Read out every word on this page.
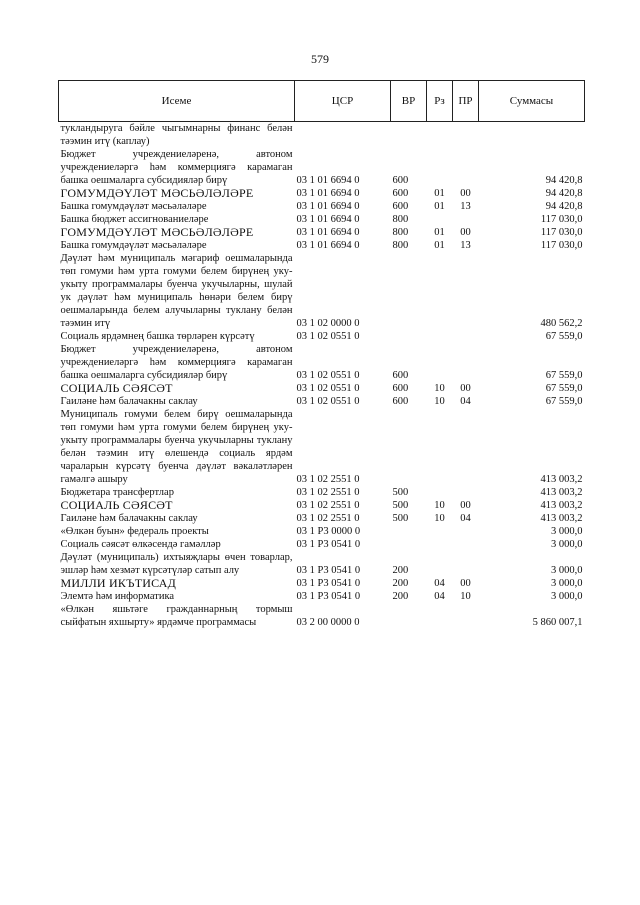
579
Исеме	ЦСР	ВР	Рз	ПР	Суммасы
тукландыруга бәйле чыгымнарны финанс белән тәэмин итү (каплау)					
Бюджет учреждениеләренә, автоном учреждениеләргә һәм коммерциягә карамаган башка оешмаларга субсидияләр бирү	03 1 01 6694 0	600			94 420,8
ГОМУМДӘҮЛӘТ МӘСЬӘЛӘЛӘРЕ	03 1 01 6694 0	600	01	00	94 420,8
Башка гомумдәүләт мәсьәләләре	03 1 01 6694 0	600	01	13	94 420,8
Башка бюджет ассигнованиеләре	03 1 01 6694 0	800			117 030,0
ГОМУМДӘҮЛӘТ МӘСЬӘЛӘЛӘРЕ	03 1 01 6694 0	800	01	00	117 030,0
Башка гомумдәүләт мәсьәләләре	03 1 01 6694 0	800	01	13	117 030,0
Дәүләт һәм муниципаль мәгариф оешмаларында төп гомуми һәм урта гомуми белем бирүнең уку-укыту программалары буенча укучыларны, шулай ук дәүләт һәм муниципаль һөнәри белем бирү оешмаларында белем алучыларны туклану белән тәэмин итү	03 1 02 0000 0				480 562,2
Социаль ярдәмнең башка төрләрен күрсәтү	03 1 02 0551 0				67 559,0
Бюджет учреждениеләренә, автоном учреждениеләргә һәм коммерциягә карамаган башка оешмаларга субсидияләр бирү	03 1 02 0551 0	600			67 559,0
СОЦИАЛЬ СӘЯСӘТ	03 1 02 0551 0	600	10	00	67 559,0
Гаиләне һәм балачакны саклау	03 1 02 0551 0	600	10	04	67 559,0
Муниципаль гомуми белем бирү оешмаларында төп гомуми һәм урта гомуми белем бирүнең уку-укыту программалары буенча укучыларны туклану белән тәэмин итү өлешендә социаль ярдәм чараларын күрсәтү буенча дәүләт вәкаләтләрен гамәлгә ашыру	03 1 02 2551 0				413 003,2
Бюджетара трансфертлар	03 1 02 2551 0	500			413 003,2
СОЦИАЛЬ СӘЯСӘТ	03 1 02 2551 0	500	10	00	413 003,2
Гаиләне һәм балачакны саклау	03 1 02 2551 0	500	10	04	413 003,2
«Өлкән буын» федераль проекты	03 1 P3 0000 0				3 000,0
Социаль сәясәт өлкәсендә гамәлләр	03 1 P3 0541 0				3 000,0
Дәүләт (муниципаль) ихтыяҗлары өчен товарлар, эшләр һәм хезмәт күрсәтүләр сатып алу	03 1 P3 0541 0	200			3 000,0
МИЛЛИ ИКЪТИСАД	03 1 P3 0541 0	200	04	00	3 000,0
Элемтә һәм информатика	03 1 P3 0541 0	200	04	10	3 000,0
«Өлкән яшьтәге гражданнарның тормыш сыйфатын яхшырту» ярдәмче программасы	03 2 00 0000 0				5 860 007,1
